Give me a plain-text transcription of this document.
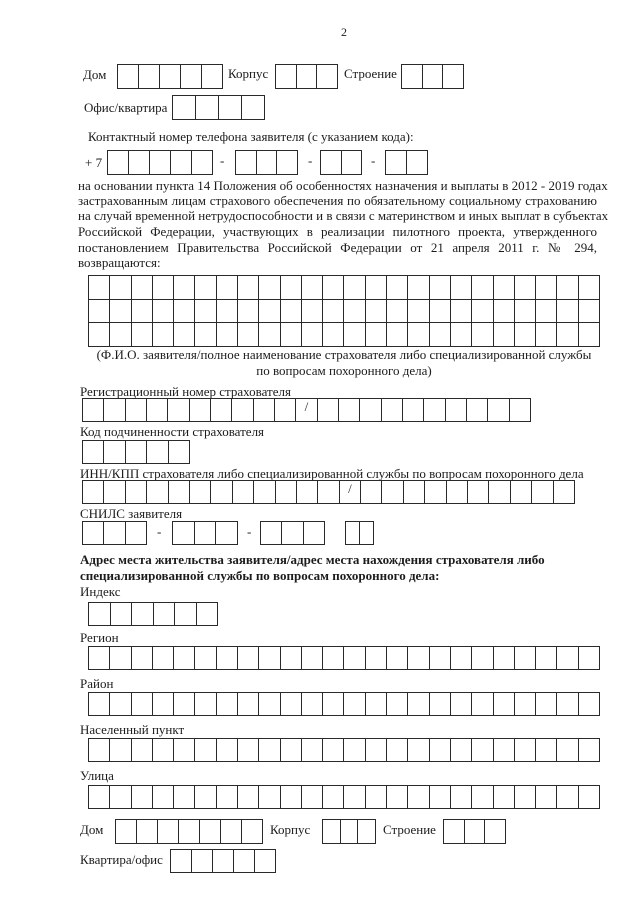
2
Дом	Корпус	Строение
Офис/квартира
Контактный номер телефона заявителя (с указанием кода):
+ 7	-	-	-
на основании пункта 14 Положения об особенностях назначения и выплаты в 2012 - 2019 годах
застрахованным лицам страхового обеспечения по обязательному социальному страхованию
на случай временной нетрудоспособности и в связи с материнством и иных выплат в субъектах
Российской Федерации, участвующих в реализации пилотного проекта, утвержденного
постановлением Правительства Российской Федерации от 21 апреля 2011 г. № 294,
возвращаются:
(Ф.И.О. заявителя/полное наименование страхователя либо специализированной службы
по вопросам похоронного дела)
Регистрационный номер страхователя
/
Код подчиненности страхователя
ИНН/КПП страхователя либо специализированной службы по вопросам похоронного дела
/
СНИЛС заявителя
-	-
Адрес места жительства заявителя/адрес места нахождения страхователя либо
специализированной службы по вопросам похоронного дела:
Индекс
Регион
Район
Населенный пункт
Улица
Дом	Корпус	Строение
Квартира/офис
